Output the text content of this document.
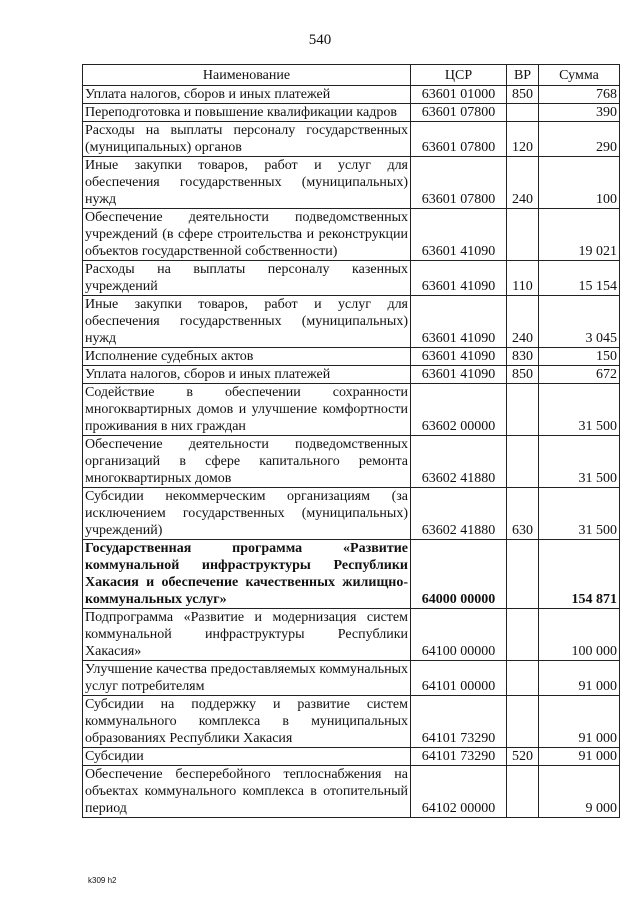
540
Наименование	ЦСР	ВР	Сумма
Уплата налогов, сборов и иных платежей	63601 01000	850	768
Переподготовка и повышение квалификации кадров	63601 07800		390
Расходы на выплаты персоналу государственных (муниципальных) органов	63601 07800	120	290
Иные закупки товаров, работ и услуг для обеспечения государственных (муниципальных) нужд	63601 07800	240	100
Обеспечение деятельности подведомственных учреждений (в сфере строительства и реконструкции объектов государственной собственности)	63601 41090		19 021
Расходы на выплаты персоналу казенных учреждений	63601 41090	110	15 154
Иные закупки товаров, работ и услуг для обеспечения государственных (муниципальных) нужд	63601 41090	240	3 045
Исполнение судебных актов	63601 41090	830	150
Уплата налогов, сборов и иных платежей	63601 41090	850	672
Содействие в обеспечении сохранности многоквартирных домов и улучшение комфортности проживания в них граждан	63602 00000		31 500
Обеспечение деятельности подведомственных организаций в сфере капитального ремонта многоквартирных домов	63602 41880		31 500
Субсидии некоммерческим организациям (за исключением государственных (муниципальных) учреждений)	63602 41880	630	31 500
Государственная программа «Развитие коммунальной инфраструктуры Республики Хакасия и обеспечение качественных жилищно-коммунальных услуг»	64000 00000		154 871
Подпрограмма «Развитие и модернизация систем коммунальной инфраструктуры Республики Хакасия»	64100 00000		100 000
Улучшение качества предоставляемых коммунальных услуг потребителям	64101 00000		91 000
Субсидии на поддержку и развитие систем коммунального комплекса в муниципальных образованиях Республики Хакасия	64101 73290		91 000
Субсидии	64101 73290	520	91 000
Обеспечение бесперебойного теплоснабжения на объектах коммунального комплекса в отопительный период	64102 00000		9 000
k309 h2
